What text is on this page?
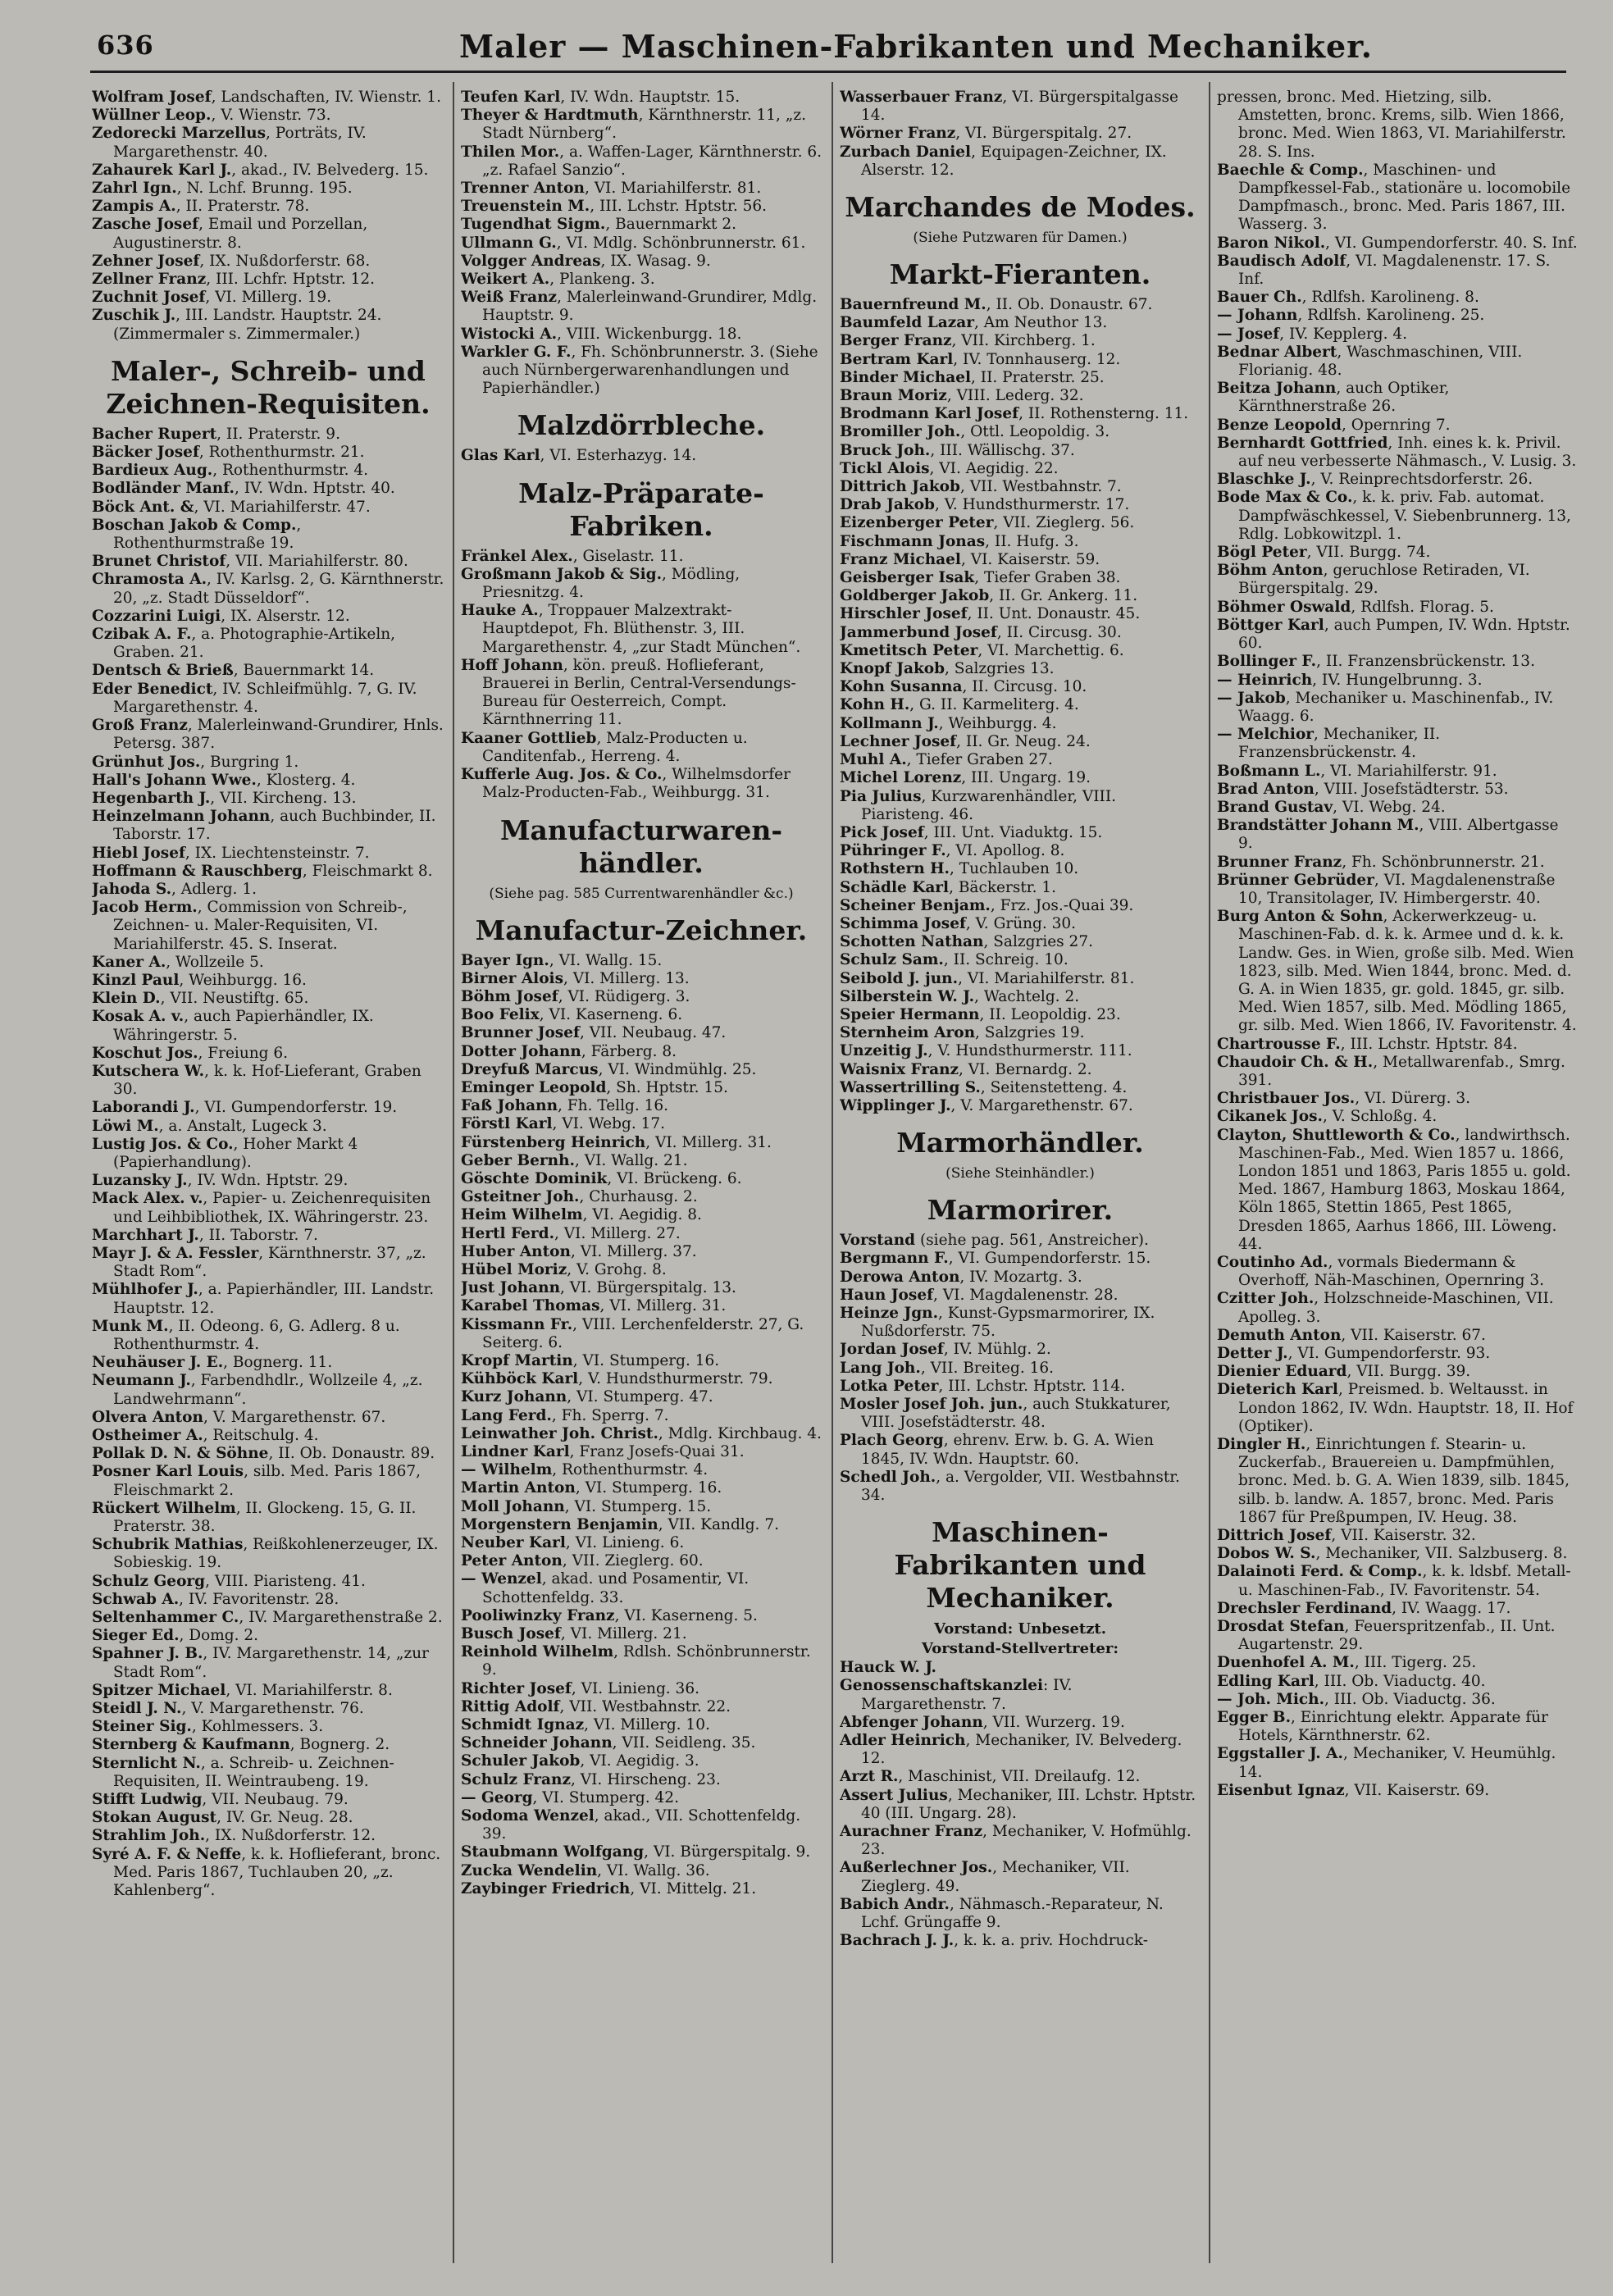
636	Maler — Maschinen-Fabrikanten und Mechaniker.

Wolfram Josef, Landschaften, IV. Wienstr. 1.

Wüllner Leop., V. Wienstr. 73.

Zedorecki Marzellus, Porträts, IV. Margarethenstr. 40.

Zahaurek Karl J., akad., IV. Belvederg. 15.

Zahrl Ign., N. Lchf. Brunng. 195.

Zampis A., II. Praterstr. 78.

Zasche Josef, Email und Porzellan, Augustinerstr. 8.

Zehner Josef, IX. Nußdorferstr. 68.

Zellner Franz, III. Lchfr. Hptstr. 12.

Zuchnit Josef, VI. Millerg. 19.

Zuschik J., III. Landstr. Hauptstr. 24. (Zimmermaler s. Zimmermaler.)

Maler-, Schreib- und Zeichnen-Requisiten.

Bacher Rupert, II. Praterstr. 9.

Bäcker Josef, Rothenthurmstr. 21.

Bardieux Aug., Rothenthurmstr. 4.

Bodländer Manf., IV. Wdn. Hptstr. 40.

Böck Ant. &, VI. Mariahilferstr. 47.

Boschan Jakob & Comp., Rothenthurmstraße 19.

Brunet Christof, VII. Mariahilferstr. 80.

Chramosta A., IV. Karlsg. 2, G. Kärnthnerstr. 20, „z. Stadt Düsseldorf“.

Cozzarini Luigi, IX. Alserstr. 12.

Czibak A. F., a. Photographie-Artikeln, Graben. 21.

Dentsch & Brieß, Bauernmarkt 14.

Eder Benedict, IV. Schleifmühlg. 7, G. IV. Margarethenstr. 4.

Groß Franz, Malerleinwand-Grundirer, Hnls. Petersg. 387.

Grünhut Jos., Burgring 1.

Hall's Johann Wwe., Klosterg. 4.

Hegenbarth J., VII. Kircheng. 13.

Heinzelmann Johann, auch Buchbinder, II. Taborstr. 17.

Hiebl Josef, IX. Liechtensteinstr. 7.

Hoffmann & Rauschberg, Fleischmarkt 8.

Jahoda S., Adlerg. 1.

Jacob Herm., Commission von Schreib-, Zeichnen- u. Maler-Requisiten, VI. Mariahilferstr. 45. S. Inserat.

Kaner A., Wollzeile 5.

Kinzl Paul, Weihburgg. 16.

Klein D., VII. Neustiftg. 65.

Kosak A. v., auch Papierhändler, IX. Währingerstr. 5.

Koschut Jos., Freiung 6.

Kutschera W., k. k. Hof-Lieferant, Graben 30.

Laborandi J., VI. Gumpendorferstr. 19.

Löwi M., a. Anstalt, Lugeck 3.

Lustig Jos. & Co., Hoher Markt 4 (Papierhandlung).

Luzansky J., IV. Wdn. Hptstr. 29.

Mack Alex. v., Papier- u. Zeichenrequisiten und Leihbibliothek, IX. Währingerstr. 23.

Marchhart J., II. Taborstr. 7.

Mayr J. & A. Fessler, Kärnthnerstr. 37, „z. Stadt Rom“.

Mühlhofer J., a. Papierhändler, III. Landstr. Hauptstr. 12.

Munk M., II. Odeong. 6, G. Adlerg. 8 u. Rothenthurmstr. 4.

Neuhäuser J. E., Bognerg. 11.

Neumann J., Farbendhdlr., Wollzeile 4, „z. Landwehrmann“.

Olvera Anton, V. Margarethenstr. 67.

Ostheimer A., Reitschulg. 4.

Pollak D. N. & Söhne, II. Ob. Donaustr. 89.

Posner Karl Louis, silb. Med. Paris 1867, Fleischmarkt 2.

Rückert Wilhelm, II. Glockeng. 15, G. II. Praterstr. 38.

Schubrik Mathias, Reißkohlenerzeuger, IX. Sobieskig. 19.

Schulz Georg, VIII. Piaristeng. 41.

Schwab A., IV. Favoritenstr. 28.

Seltenhammer C., IV. Margarethenstraße 2.

Sieger Ed., Domg. 2.

Spahner J. B., IV. Margarethenstr. 14, „zur Stadt Rom“.

Spitzer Michael, VI. Mariahilferstr. 8.

Steidl J. N., V. Margarethenstr. 76.

Steiner Sig., Kohlmessers. 3.

Sternberg & Kaufmann, Bognerg. 2.

Sternlicht N., a. Schreib- u. Zeichnen-Requisiten, II. Weintraubeng. 19.

Stifft Ludwig, VII. Neubaug. 79.

Stokan August, IV. Gr. Neug. 28.

Strahlim Joh., IX. Nußdorferstr. 12.

Syré A. F. & Neffe, k. k. Hoflieferant, bronc. Med. Paris 1867, Tuchlauben 20, „z. Kahlenberg“.

Teufen Karl, IV. Wdn. Hauptstr. 15.

Theyer & Hardtmuth, Kärnthnerstr. 11, „z. Stadt Nürnberg“.

Thilen Mor., a. Waffen-Lager, Kärnthnerstr. 6. „z. Rafael Sanzio“.

Trenner Anton, VI. Mariahilferstr. 81.

Treuenstein M., III. Lchstr. Hptstr. 56.

Tugendhat Sigm., Bauernmarkt 2.

Ullmann G., VI. Mdlg. Schönbrunnerstr. 61.

Volgger Andreas, IX. Wasag. 9.

Weikert A., Plankeng. 3.

Weiß Franz, Malerleinwand-Grundirer, Mdlg. Hauptstr. 9.

Wistocki A., VIII. Wickenburgg. 18.

Warkler G. F., Fh. Schönbrunnerstr. 3. (Siehe auch Nürnbergerwarenhandlungen und Papierhändler.)

Malzdörrbleche.

Glas Karl, VI. Esterhazyg. 14.

Malz-Präparate-Fabriken.

Fränkel Alex., Giselastr. 11.

Großmann Jakob & Sig., Mödling, Priesnitzg. 4.

Hauke A., Troppauer Malzextrakt-Hauptdepot, Fh. Blüthenstr. 3, III. Margarethenstr. 4, „zur Stadt München“.

Hoff Johann, kön. preuß. Hoflieferant, Brauerei in Berlin, Central-Versendungs-Bureau für Oesterreich, Compt. Kärnthnerring 11.

Kaaner Gottlieb, Malz-Producten u. Canditenfab., Herreng. 4.

Kufferle Aug. Jos. & Co., Wilhelmsdorfer Malz-Producten-Fab., Weihburgg. 31.

Manufacturwaren-händler.
(Siehe pag. 585 Currentwarenhändler &c.)
Manufactur-Zeichner.

Bayer Ign., VI. Wallg. 15.

Birner Alois, VI. Millerg. 13.

Böhm Josef, VI. Rüdigerg. 3.

Boo Felix, VI. Kaserneng. 6.

Brunner Josef, VII. Neubaug. 47.

Dotter Johann, Färberg. 8.

Dreyfuß Marcus, VI. Windmühlg. 25.

Eminger Leopold, Sh. Hptstr. 15.

Faß Johann, Fh. Tellg. 16.

Förstl Karl, VI. Webg. 17.

Fürstenberg Heinrich, VI. Millerg. 31.

Geber Bernh., VI. Wallg. 21.

Göschte Dominik, VI. Brückeng. 6.

Gsteitner Joh., Churhausg. 2.

Heim Wilhelm, VI. Aegidig. 8.

Hertl Ferd., VI. Millerg. 27.

Huber Anton, VI. Millerg. 37.

Hübel Moriz, V. Grohg. 8.

Just Johann, VI. Bürgerspitalg. 13.

Karabel Thomas, VI. Millerg. 31.

Kissmann Fr., VIII. Lerchenfelderstr. 27, G. Seiterg. 6.

Kropf Martin, VI. Stumperg. 16.

Kühböck Karl, V. Hundsthurmerstr. 79.

Kurz Johann, VI. Stumperg. 47.

Lang Ferd., Fh. Sperrg. 7.

Leinwather Joh. Christ., Mdlg. Kirchbaug. 4.

Lindner Karl, Franz Josefs-Quai 31.

— Wilhelm, Rothenthurmstr. 4.

Martin Anton, VI. Stumperg. 16.

Moll Johann, VI. Stumperg. 15.

Morgenstern Benjamin, VII. Kandlg. 7.

Neuber Karl, VI. Linieng. 6.

Peter Anton, VII. Zieglerg. 60.

— Wenzel, akad. und Posamentir, VI. Schottenfeldg. 33.

Pooliwinzky Franz, VI. Kaserneng. 5.

Busch Josef, VI. Millerg. 21.

Reinhold Wilhelm, Rdlsh. Schönbrunnerstr. 9.

Richter Josef, VI. Linieng. 36.

Rittig Adolf, VII. Westbahnstr. 22.

Schmidt Ignaz, VI. Millerg. 10.

Schneider Johann, VII. Seidleng. 35.

Schuler Jakob, VI. Aegidig. 3.

Schulz Franz, VI. Hirscheng. 23.

— Georg, VI. Stumperg. 42.

Sodoma Wenzel, akad., VII. Schottenfeldg. 39.

Staubmann Wolfgang, VI. Bürgerspitalg. 9.

Zucka Wendelin, VI. Wallg. 36.

Zaybinger Friedrich, VI. Mittelg. 21.

Wasserbauer Franz, VI. Bürgerspitalgasse 14.

Wörner Franz, VI. Bürgerspitalg. 27.

Zurbach Daniel, Equipagen-Zeichner, IX. Alserstr. 12.

Marchandes de Modes.
(Siehe Putzwaren für Damen.)
Markt-Fieranten.

Bauernfreund M., II. Ob. Donaustr. 67.

Baumfeld Lazar, Am Neuthor 13.

Berger Franz, VII. Kirchberg. 1.

Bertram Karl, IV. Tonnhauserg. 12.

Binder Michael, II. Praterstr. 25.

Braun Moriz, VIII. Lederg. 32.

Brodmann Karl Josef, II. Rothensterng. 11.

Bromiller Joh., Ottl. Leopoldig. 3.

Bruck Joh., III. Wällischg. 37.

Tickl Alois, VI. Aegidig. 22.

Dittrich Jakob, VII. Westbahnstr. 7.

Drab Jakob, V. Hundsthurmerstr. 17.

Eizenberger Peter, VII. Zieglerg. 56.

Fischmann Jonas, II. Hufg. 3.

Franz Michael, VI. Kaiserstr. 59.

Geisberger Isak, Tiefer Graben 38.

Goldberger Jakob, II. Gr. Ankerg. 11.

Hirschler Josef, II. Unt. Donaustr. 45.

Jammerbund Josef, II. Circusg. 30.

Kmetitsch Peter, VI. Marchettig. 6.

Knopf Jakob, Salzgries 13.

Kohn Susanna, II. Circusg. 10.

Kohn H., G. II. Karmeliterg. 4.

Kollmann J., Weihburgg. 4.

Lechner Josef, II. Gr. Neug. 24.

Muhl A., Tiefer Graben 27.

Michel Lorenz, III. Ungarg. 19.

Pia Julius, Kurzwarenhändler, VIII. Piaristeng. 46.

Pick Josef, III. Unt. Viaduktg. 15.

Pühringer F., VI. Apollog. 8.

Rothstern H., Tuchlauben 10.

Schädle Karl, Bäckerstr. 1.

Scheiner Benjam., Frz. Jos.-Quai 39.

Schimma Josef, V. Grüng. 30.

Schotten Nathan, Salzgries 27.

Schulz Sam., II. Schreig. 10.

Seibold J. jun., VI. Mariahilferstr. 81.

Silberstein W. J., Wachtelg. 2.

Speier Hermann, II. Leopoldig. 23.

Sternheim Aron, Salzgries 19.

Unzeitig J., V. Hundsthurmerstr. 111.

Waisnix Franz, VI. Bernardg. 2.

Wassertrilling S., Seitenstetteng. 4.

Wipplinger J., V. Margarethenstr. 67.

Marmorhändler.
(Siehe Steinhändler.)
Marmorirer.

Vorstand (siehe pag. 561, Anstreicher).

Bergmann F., VI. Gumpendorferstr. 15.

Derowa Anton, IV. Mozartg. 3.

Haun Josef, VI. Magdalenenstr. 28.

Heinze Jgn., Kunst-Gypsmarmorirer, IX. Nußdorferstr. 75.

Jordan Josef, IV. Mühlg. 2.

Lang Joh., VII. Breiteg. 16.

Lotka Peter, III. Lchstr. Hptstr. 114.

Mosler Josef Joh. jun., auch Stukkaturer, VIII. Josefstädterstr. 48.

Plach Georg, ehrenv. Erw. b. G. A. Wien 1845, IV. Wdn. Hauptstr. 60.

Schedl Joh., a. Vergolder, VII. Westbahnstr. 34.

Maschinen-Fabrikanten und Mechaniker.
Vorstand: Unbesetzt.
Vorstand-Stellvertreter:

Hauck W. J.

Genossenschaftskanzlei: IV. Margarethenstr. 7.

Abfenger Johann, VII. Wurzerg. 19.

Adler Heinrich, Mechaniker, IV. Belvederg. 12.

Arzt R., Maschinist, VII. Dreilaufg. 12.

Assert Julius, Mechaniker, III. Lchstr. Hptstr. 40 (III. Ungarg. 28).

Aurachner Franz, Mechaniker, V. Hofmühlg. 23.

Außerlechner Jos., Mechaniker, VII. Zieglerg. 49.

Babich Andr., Nähmasch.-Reparateur, N. Lchf. Grüngaffe 9.

Bachrach J. J., k. k. a. priv. Hochdruck-

pressen, bronc. Med. Hietzing, silb. Amstetten, bronc. Krems, silb. Wien 1866, bronc. Med. Wien 1863, VI. Mariahilferstr. 28. S. Ins.

Baechle & Comp., Maschinen- und Dampfkessel-Fab., stationäre u. locomobile Dampfmasch., bronc. Med. Paris 1867, III. Wasserg. 3.

Baron Nikol., VI. Gumpendorferstr. 40. S. Inf.

Baudisch Adolf, VI. Magdalenenstr. 17. S. Inf.

Bauer Ch., Rdlfsh. Karolineng. 8.

— Johann, Rdlfsh. Karolineng. 25.

— Josef, IV. Kepplerg. 4.

Bednar Albert, Waschmaschinen, VIII. Florianig. 48.

Beitza Johann, auch Optiker, Kärnthnerstraße 26.

Benze Leopold, Opernring 7.

Bernhardt Gottfried, Inh. eines k. k. Privil. auf neu verbesserte Nähmasch., V. Lusig. 3.

Blaschke J., V. Reinprechtsdorferstr. 26.

Bode Max & Co., k. k. priv. Fab. automat. Dampfwäschkessel, V. Siebenbrunnerg. 13, Rdlg. Lobkowitzpl. 1.

Bögl Peter, VII. Burgg. 74.

Böhm Anton, geruchlose Retiraden, VI. Bürgerspitalg. 29.

Böhmer Oswald, Rdlfsh. Florag. 5.

Böttger Karl, auch Pumpen, IV. Wdn. Hptstr. 60.

Bollinger F., II. Franzensbrückenstr. 13.

— Heinrich, IV. Hungelbrunng. 3.

— Jakob, Mechaniker u. Maschinenfab., IV. Waagg. 6.

— Melchior, Mechaniker, II. Franzensbrückenstr. 4.

Boßmann L., VI. Mariahilferstr. 91.

Brad Anton, VIII. Josefstädterstr. 53.

Brand Gustav, VI. Webg. 24.

Brandstätter Johann M., VIII. Albertgasse 9.

Brunner Franz, Fh. Schönbrunnerstr. 21.

Brünner Gebrüder, VI. Magdalenenstraße 10, Transitolager, IV. Himbergerstr. 40.

Burg Anton & Sohn, Ackerwerkzeug- u. Maschinen-Fab. d. k. k. Armee und d. k. k. Landw. Ges. in Wien, große silb. Med. Wien 1823, silb. Med. Wien 1844, bronc. Med. d. G. A. in Wien 1835, gr. gold. 1845, gr. silb. Med. Wien 1857, silb. Med. Mödling 1865, gr. silb. Med. Wien 1866, IV. Favoritenstr. 4.

Chartrousse F., III. Lchstr. Hptstr. 84.

Chaudoir Ch. & H., Metallwarenfab., Smrg. 391.

Christbauer Jos., VI. Dürerg. 3.

Cikanek Jos., V. Schloßg. 4.

Clayton, Shuttleworth & Co., landwirthsch. Maschinen-Fab., Med. Wien 1857 u. 1866, London 1851 und 1863, Paris 1855 u. gold. Med. 1867, Hamburg 1863, Moskau 1864, Köln 1865, Stettin 1865, Pest 1865, Dresden 1865, Aarhus 1866, III. Löweng. 44.

Coutinho Ad., vormals Biedermann & Overhoff, Näh-Maschinen, Opernring 3.

Czitter Joh., Holzschneide-Maschinen, VII. Apolleg. 3.

Demuth Anton, VII. Kaiserstr. 67.

Detter J., VI. Gumpendorferstr. 93.

Dienier Eduard, VII. Burgg. 39.

Dieterich Karl, Preismed. b. Weltausst. in London 1862, IV. Wdn. Hauptstr. 18, II. Hof (Optiker).

Dingler H., Einrichtungen f. Stearin- u. Zuckerfab., Brauereien u. Dampfmühlen, bronc. Med. b. G. A. Wien 1839, silb. 1845, silb. b. landw. A. 1857, bronc. Med. Paris 1867 für Preßpumpen, IV. Heug. 38.

Dittrich Josef, VII. Kaiserstr. 32.

Dobos W. S., Mechaniker, VII. Salzbuserg. 8.

Dalainoti Ferd. & Comp., k. k. ldsbf. Metall- u. Maschinen-Fab., IV. Favoritenstr. 54.

Drechsler Ferdinand, IV. Waagg. 17.

Drosdat Stefan, Feuerspritzenfab., II. Unt. Augartenstr. 29.

Duenhofel A. M., III. Tigerg. 25.

Edling Karl, III. Ob. Viaductg. 40.

— Joh. Mich., III. Ob. Viaductg. 36.

Egger B., Einrichtung elektr. Apparate für Hotels, Kärnthnerstr. 62.

Eggstaller J. A., Mechaniker, V. Heumühlg. 14.

Eisenbut Ignaz, VII. Kaiserstr. 69.
